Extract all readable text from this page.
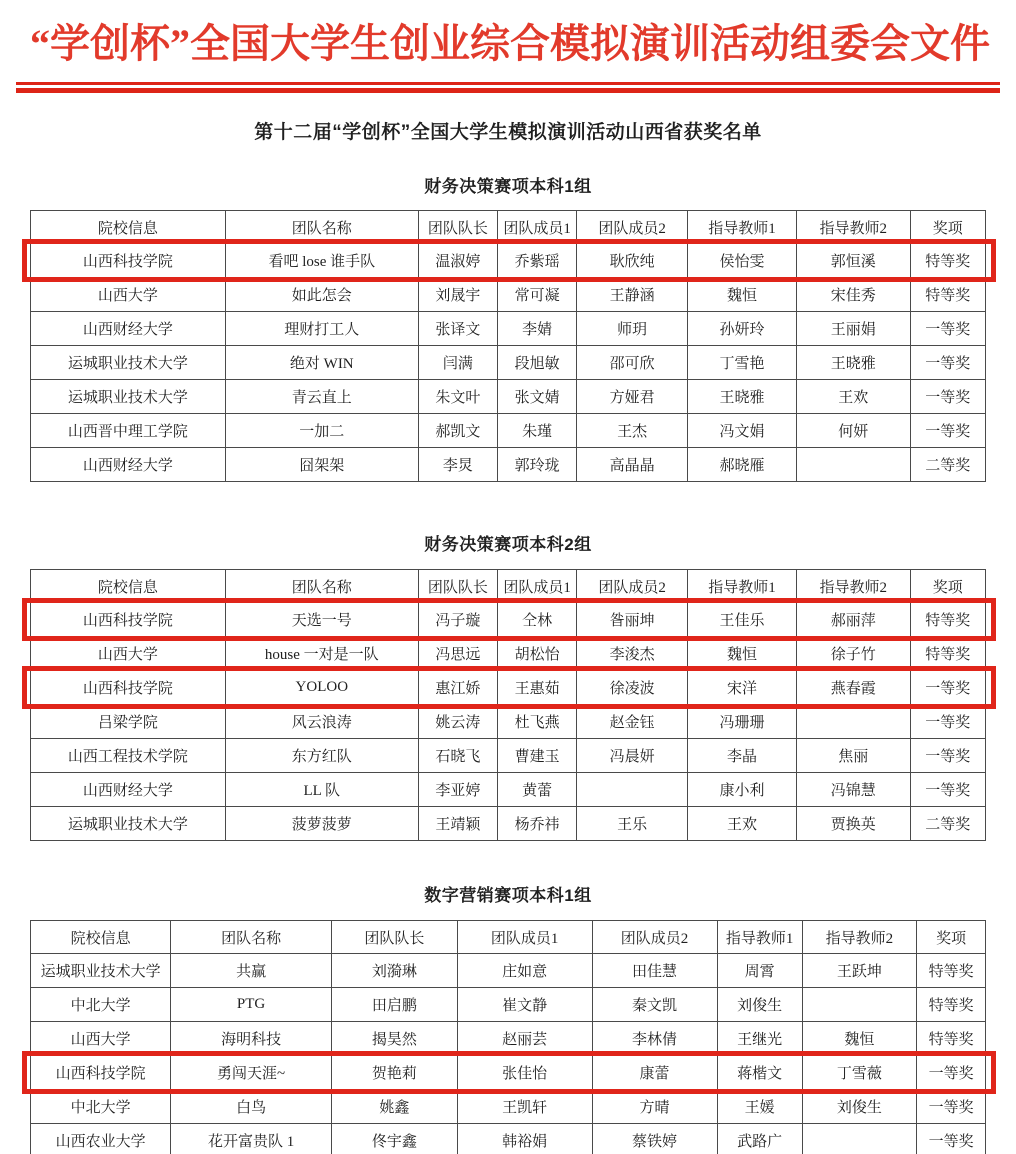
“学创杯”全国大学生创业综合模拟演训活动组委会文件
第十二届“学创杯”全国大学生模拟演训活动山西省获奖名单
财务决策赛项本科1组
院校信息	团队名称	团队队长	团队成员1	团队成员2	指导教师1	指导教师2	奖项
山西科技学院	看吧 lose 谁手队	温淑婷	乔紫瑶	耿欣纯	侯怡雯	郭恒溪	特等奖
山西大学	如此怎会	刘晟宇	常可凝	王静涵	魏恒	宋佳秀	特等奖
山西财经大学	理财打工人	张译文	李婧	师玥	孙妍玲	王丽娟	一等奖
运城职业技术大学	绝对 WIN	闫满	段旭敏	邵可欣	丁雪艳	王晓雅	一等奖
运城职业技术大学	青云直上	朱文叶	张文婧	方娅君	王晓雅	王欢	一等奖
山西晋中理工学院	一加二	郝凯文	朱瑾	王杰	冯文娟	何妍	一等奖
山西财经大学	囧架架	李炅	郭玲珑	高晶晶	郝晓雁		二等奖
财务决策赛项本科2组
院校信息	团队名称	团队队长	团队成员1	团队成员2	指导教师1	指导教师2	奖项
山西科技学院	天选一号	冯子璇	仝林	昝丽坤	王佳乐	郝丽萍	特等奖
山西大学	house 一对是一队	冯思远	胡松怡	李浚杰	魏恒	徐子竹	特等奖
山西科技学院	YOLOO	惠江娇	王惠茹	徐凌波	宋洋	燕春霞	一等奖
吕梁学院	风云浪涛	姚云涛	杜飞燕	赵金钰	冯珊珊		一等奖
山西工程技术学院	东方红队	石晓飞	曹建玉	冯晨妍	李晶	焦丽	一等奖
山西财经大学	LL 队	李亚婷	黄蕾		康小利	冯锦慧	一等奖
运城职业技术大学	菠萝菠萝	王靖颖	杨乔祎	王乐	王欢	贾换英	二等奖
数字营销赛项本科1组
院校信息	团队名称	团队队长	团队成员1	团队成员2	指导教师1	指导教师2	奖项
运城职业技术大学	共赢	刘漪琳	庄如意	田佳慧	周霄	王跃坤	特等奖
中北大学	PTG	田启鹏	崔文静	秦文凯	刘俊生		特等奖
山西大学	海明科技	揭昊然	赵丽芸	李林倩	王继光	魏恒	特等奖
山西科技学院	勇闯天涯~	贺艳莉	张佳怡	康蕾	蒋楷文	丁雪薇	一等奖
中北大学	白鸟	姚鑫	王凯轩	方晴	王媛	刘俊生	一等奖
山西农业大学	花开富贵队 1	佟宇鑫	韩裕娟	蔡铁婷	武路广		一等奖
